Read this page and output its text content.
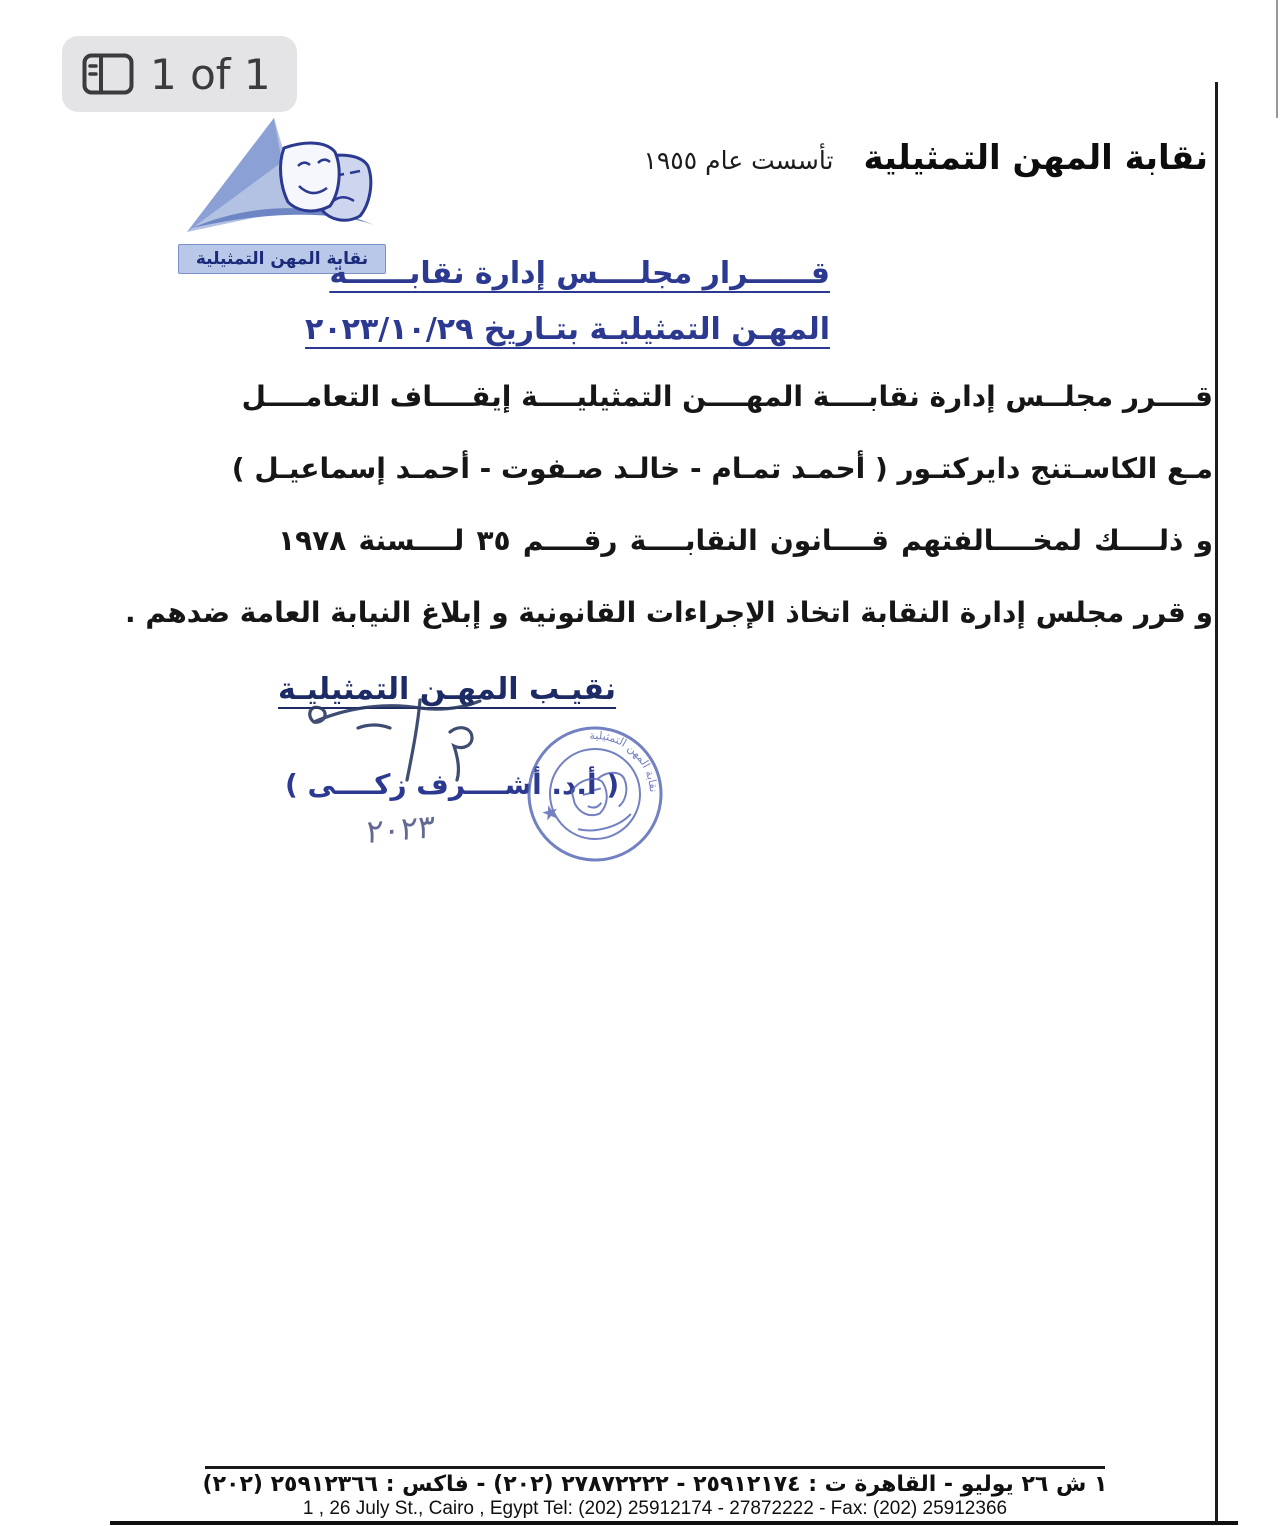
نقابة المهن التمثيلية
تأسست عام ١٩٥٥
نقابة المهن التمثيلية
قــــــرار مجلــــس إدارة نقابــــــة
المهـن التمثيليـة بتـاريخ ٢٠٢٣/١٠/٢٩
قــــرر مجلــس إدارة نقابــــة المهــــن التمثيليــــة إيقــــاف التعامــــل
مـع الكاسـتنج دايركتـور ( أحمـد تمـام - خالـد صـفوت - أحمـد إسماعيـل )
و ذلــــك لمخــــالفتهم قــــانون النقابــــة رقــــم ٣٥ لــــسنة ١٩٧٨
و قرر مجلس إدارة النقابة اتخاذ الإجراءات القانونية و إبلاغ النيابة العامة ضدهم .
نقيـب المهـن التمثيليـة
( أ.د. أشــــرف زكــــى )
٢٠٢٣
نقابة المهن التمثيلية
★
١ ش ٢٦ يوليو - القاهرة ت : ٢٥٩١٢١٧٤ - ٢٧٨٧٢٢٢٢ (٢٠٢) - فاكس : ٢٥٩١٢٣٦٦ (٢٠٢)
1 , 26 July St., Cairo , Egypt Tel: (202) 25912174 - 27872222 - Fax: (202) 25912366
1 of 1
